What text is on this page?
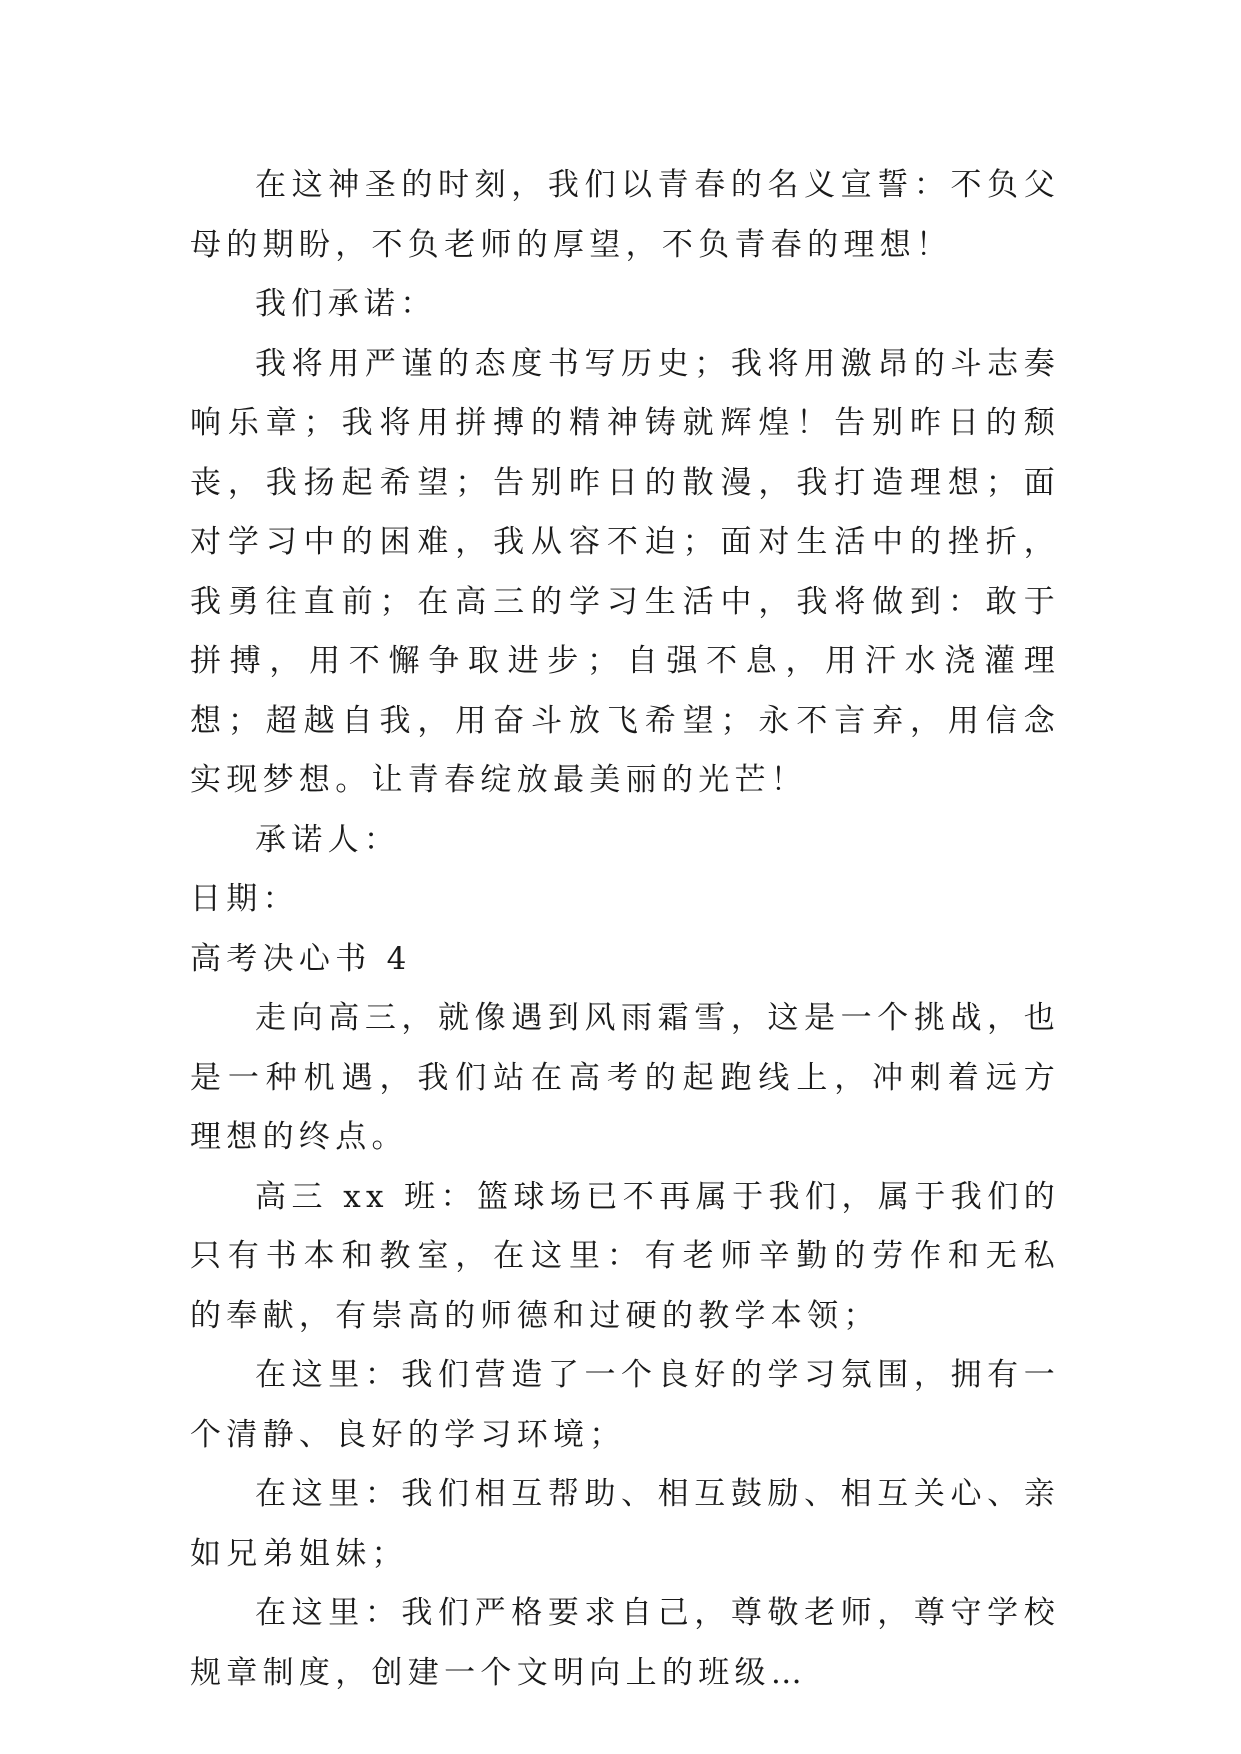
在这神圣的时刻，我们以青春的名义宣誓：不负父母的期盼，不负老师的厚望，不负青春的理想！

我们承诺：

我将用严谨的态度书写历史；我将用激昂的斗志奏响乐章；我将用拼搏的精神铸就辉煌！告别昨日的颓丧，我扬起希望；告别昨日的散漫，我打造理想；面对学习中的困难，我从容不迫；面对生活中的挫折，我勇往直前；在高三的学习生活中，我将做到：敢于拼搏，用不懈争取进步；自强不息，用汗水浇灌理想；超越自我，用奋斗放飞希望；永不言弃，用信念实现梦想。让青春绽放最美丽的光芒！

承诺人：

日期：

高考决心书 4

走向高三，就像遇到风雨霜雪，这是一个挑战，也是一种机遇，我们站在高考的起跑线上，冲刺着远方理想的终点。

高三 xx 班：篮球场已不再属于我们，属于我们的只有书本和教室，在这里：有老师辛勤的劳作和无私的奉献，有崇高的师德和过硬的教学本领；

在这里：我们营造了一个良好的学习氛围，拥有一个清静、良好的学习环境；

在这里：我们相互帮助、相互鼓励、相互关心、亲如兄弟姐妹；

在这里：我们严格要求自己，尊敬老师，尊守学校规章制度，创建一个文明向上的班级…
